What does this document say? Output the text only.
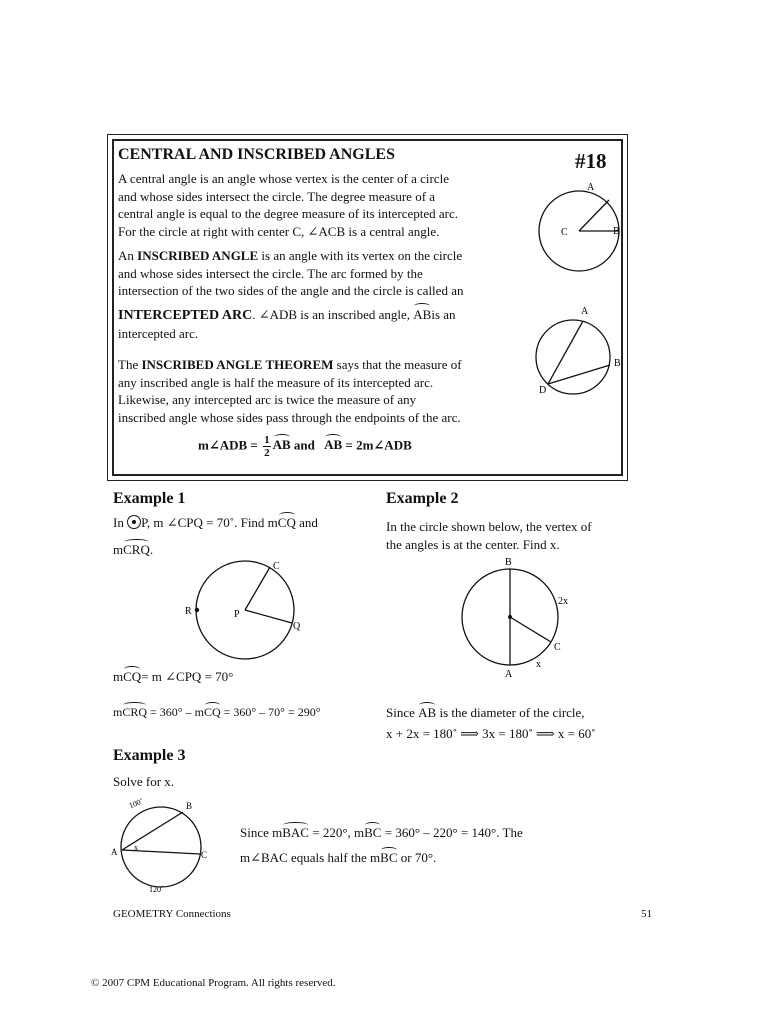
CENTRAL AND INSCRIBED ANGLES	#18
A central angle is an angle whose vertex is the center of a circle
and whose sides intersect the circle. The degree measure of a
central angle is equal to the degree measure of its intercepted arc.
For the circle at right with center C, ∠ACB is a central angle.
An INSCRIBED ANGLE is an angle with its vertex on the circle
and whose sides intersect the circle. The arc formed by the
intersection of the two sides of the angle and the circle is called an
INTERCEPTED ARC. ∠ADB is an inscribed angle, ABis an
intercepted arc.
The INSCRIBED ANGLE THEOREM says that the measure of
any inscribed angle is half the measure of its intercepted arc.
Likewise, any intercepted arc is twice the measure of any
inscribed angle whose sides pass through the endpoints of the arc.
m∠ADB = $\frac{1}{2}$ AB and AB = 2m∠ADB
A
B
C
A
B
D
Example 1
In P, m ∠CPQ = 70˚. Find mCQ and
mCRQ.
C
P
Q
R
mCQ= m ∠CPQ = 70°
mCRQ = 360° – mCQ = 360° – 70° = 290°
Example 2
In the circle shown below, the vertex of
the angles is at the center. Find x.
B
A
C
2x
x
Since AB is the diameter of the circle,
x + 2x = 180˚ ⟹ 3x = 180˚ ⟹ x = 60˚
Example 3
Solve for x.
B
A	C
x
100˚
120˚
Since mBAC = 220°, mBC = 360° – 220° = 140°. The
m∠BAC equals half the mBC or 70°.
GEOMETRY Connections	51
© 2007 CPM Educational Program. All rights reserved.
